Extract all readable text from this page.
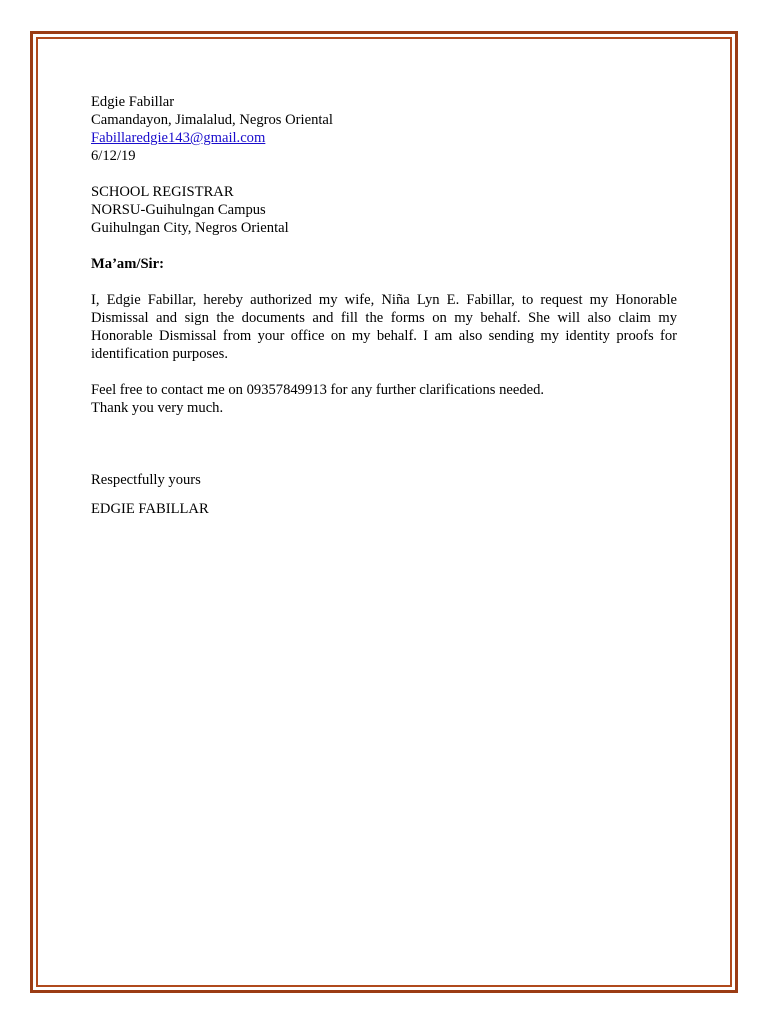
Edgie Fabillar
Camandayon, Jimalalud, Negros Oriental
Fabillaredgie143@gmail.com
6/12/19
SCHOOL REGISTRAR
NORSU-Guihulngan Campus
Guihulngan City, Negros Oriental
Ma’am/Sir:
I, Edgie Fabillar, hereby authorized my wife, Niña Lyn E. Fabillar, to request my Honorable Dismissal and sign the documents and fill the forms on my behalf. She will also claim my Honorable Dismissal from your office on my behalf. I am also sending my identity proofs for identification purposes.
Feel free to contact me on 09357849913 for any further clarifications needed.
Thank you very much.
Respectfully yours
EDGIE FABILLAR
